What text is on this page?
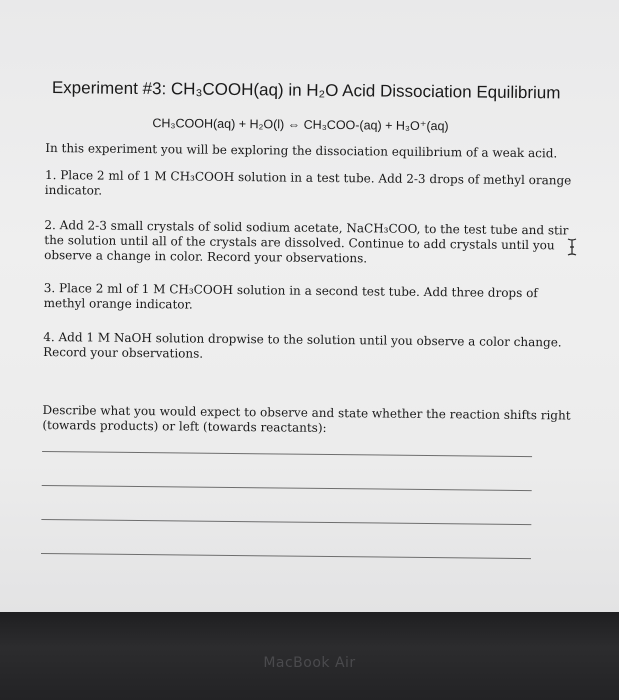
Experiment #3: CH₃COOH(aq) in H₂O Acid Dissociation Equilibrium
CH₃COOH(aq) + H₂O(l) ⇔ CH₃COO-(aq) + H₃O⁺(aq)

In this experiment you will be exploring the dissociation equilibrium of a weak acid.

1. Place 2 ml of 1 M CH₃COOH solution in a test tube. Add 2-3 drops of methyl orange indicator.

2. Add 2-3 small crystals of solid sodium acetate, NaCH₃COO, to the test tube and stir the solution until all of the crystals are dissolved. Continue to add crystals until you observe a change in color. Record your observations.

3. Place 2 ml of 1 M CH₃COOH solution in a second test tube. Add three drops of methyl orange indicator.

4. Add 1 M NaOH solution dropwise to the solution until you observe a color change. Record your observations.

Describe what you would expect to observe and state whether the reaction shifts right (towards products) or left (towards reactants):

MacBook Air
